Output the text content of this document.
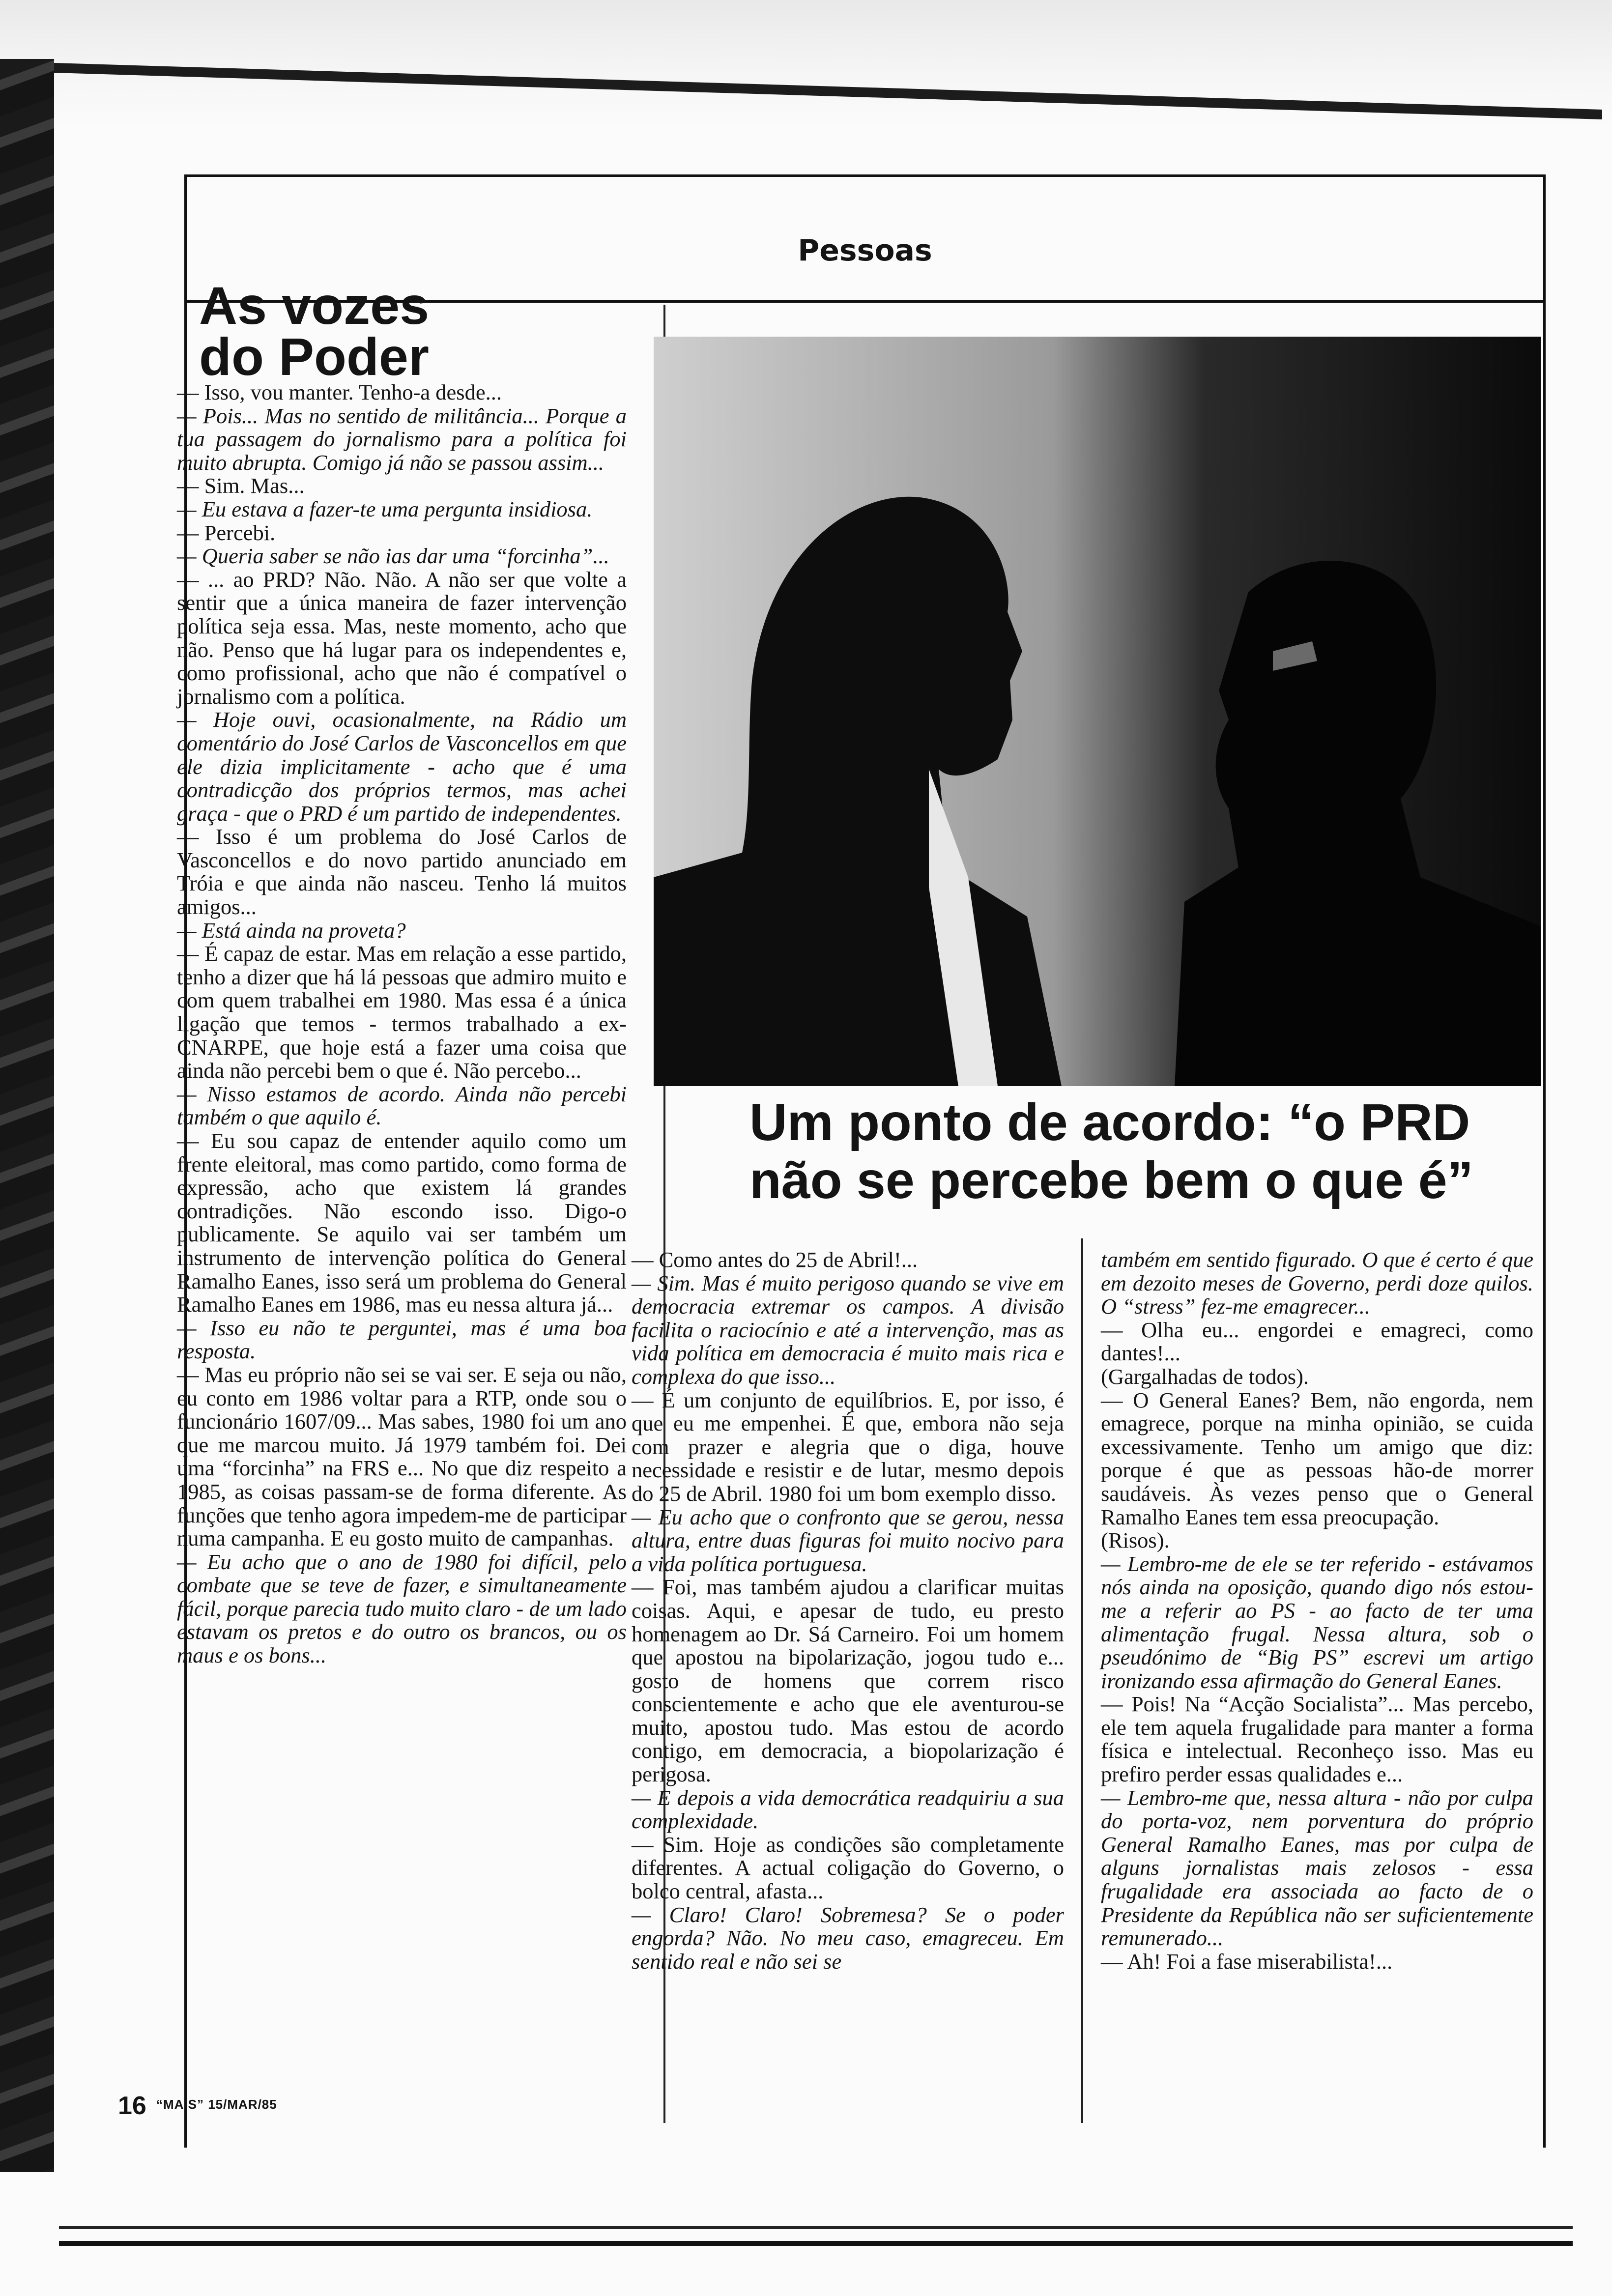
Pessoas
As vozes
do Poder
Um ponto de acordo: “o PRD
não se percebe bem o que é”

— Isso, vou manter. Tenho-a desde...

— Pois... Mas no sentido de militância... Porque a tua passagem do jornalismo para a política foi muito abrupta. Comigo já não se passou assim...

— Sim. Mas...

— Eu estava a fazer-te uma pergunta insidiosa.

— Percebi.

— Queria saber se não ias dar uma “forcinha”...

— ... ao PRD? Não. Não. A não ser que volte a sentir que a única maneira de fazer intervenção política seja essa. Mas, neste momento, acho que não. Penso que há lugar para os independentes e, como profissional, acho que não é compatível o jornalismo com a política.

— Hoje ouvi, ocasionalmente, na Rádio um comentário do José Carlos de Vasconcellos em que ele dizia implicitamente - acho que é uma contradicção dos próprios termos, mas achei graça - que o PRD é um partido de independentes.

— Isso é um problema do José Carlos de Vasconcellos e do novo partido anunciado em Tróia e que ainda não nasceu. Tenho lá muitos amigos...

— Está ainda na proveta?

— É capaz de estar. Mas em relação a esse partido, tenho a dizer que há lá pessoas que admiro muito e com quem trabalhei em 1980. Mas essa é a única ligação que temos - termos trabalhado a ex-CNARPE, que hoje está a fazer uma coisa que ainda não percebi bem o que é. Não percebo...

— Nisso estamos de acordo. Ainda não percebi também o que aquilo é.

— Eu sou capaz de entender aquilo como um frente eleitoral, mas como partido, como forma de expressão, acho que existem lá grandes contradições. Não escondo isso. Digo-o publicamente. Se aquilo vai ser também um instrumento de intervenção política do General Ramalho Eanes, isso será um problema do General Ramalho Eanes em 1986, mas eu nessa altura já...

— Isso eu não te perguntei, mas é uma boa resposta.

— Mas eu próprio não sei se vai ser. E seja ou não, eu conto em 1986 voltar para a RTP, onde sou o funcionário 1607/09... Mas sabes, 1980 foi um ano que me marcou muito. Já 1979 também foi. Dei uma “forcinha” na FRS e... No que diz respeito a 1985, as coisas passam-se de forma diferente. As funções que tenho agora impedem-me de participar numa campanha. E eu gosto muito de campanhas.

— Eu acho que o ano de 1980 foi difícil, pelo combate que se teve de fazer, e simultaneamente fácil, porque parecia tudo muito claro - de um lado estavam os pretos e do outro os brancos, ou os maus e os bons...

— Como antes do 25 de Abril!...

— Sim. Mas é muito perigoso quando se vive em democracia extremar os campos. A divisão facilita o raciocínio e até a intervenção, mas as vida política em democracia é muito mais rica e complexa do que isso...

— É um conjunto de equilíbrios. E, por isso, é que eu me empenhei. É que, embora não seja com prazer e alegria que o diga, houve necessidade e resistir e de lutar, mesmo depois do 25 de Abril. 1980 foi um bom exemplo disso.

— Eu acho que o confronto que se gerou, nessa altura, entre duas figuras foi muito nocivo para a vida política portuguesa.

— Foi, mas também ajudou a clarificar muitas coisas. Aqui, e apesar de tudo, eu presto homenagem ao Dr. Sá Carneiro. Foi um homem que apostou na bipolarização, jogou tudo e... gosto de homens que correm risco conscientemente e acho que ele aventurou-se muito, apostou tudo. Mas estou de acordo contigo, em democracia, a biopolarização é perigosa.

— E depois a vida democrática readquiriu a sua complexidade.

— Sim. Hoje as condições são completamente diferentes. A actual coligação do Governo, o bolco central, afasta...

— Claro! Claro! Sobremesa? Se o poder engorda? Não. No meu caso, emagreceu. Em sentido real e não sei se

também em sentido figurado. O que é certo é que em dezoito meses de Governo, perdi doze quilos. O “stress” fez-me emagrecer...

— Olha eu... engordei e emagreci, como dantes!...

(Gargalhadas de todos).

— O General Eanes? Bem, não engorda, nem emagrece, porque na minha opinião, se cuida excessivamente. Tenho um amigo que diz: porque é que as pessoas hão-de morrer saudáveis. Às vezes penso que o General Ramalho Eanes tem essa preocupação.

(Risos).

— Lembro-me de ele se ter referido - estávamos nós ainda na oposição, quando digo nós estou-me a referir ao PS - ao facto de ter uma alimentação frugal. Nessa altura, sob o pseudónimo de “Big PS” escrevi um artigo ironizando essa afirmação do General Eanes.

— Pois! Na “Acção Socialista”... Mas percebo, ele tem aquela frugalidade para manter a forma física e intelectual. Reconheço isso. Mas eu prefiro perder essas qualidades e...

— Lembro-me que, nessa altura - não por culpa do porta-voz, nem porventura do próprio General Ramalho Eanes, mas por culpa de alguns jornalistas mais zelosos - essa frugalidade era associada ao facto de o Presidente da República não ser suficientemente remunerado...

— Ah! Foi a fase miserabilista!...

16 “MAIS” 15/MAR/85
